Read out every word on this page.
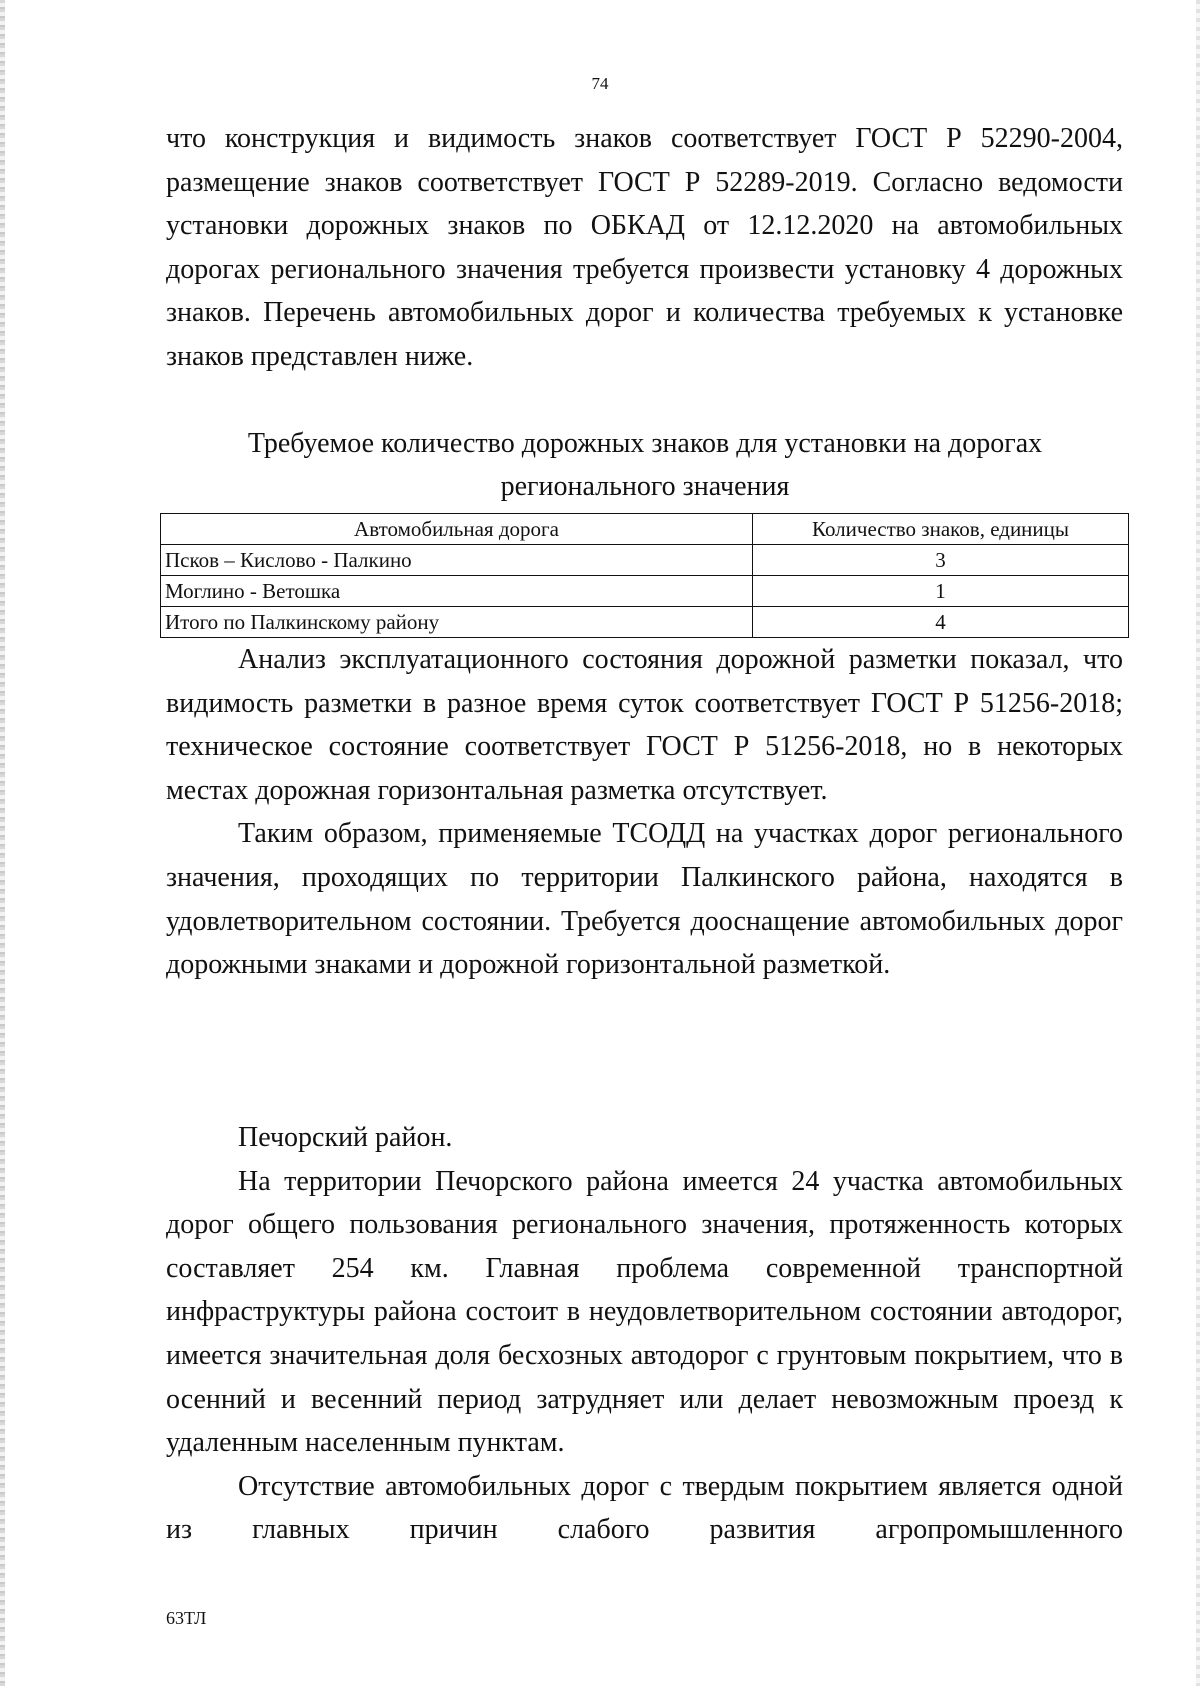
74

что конструкция и видимость знаков соответствует ГОСТ Р 52290-2004, размещение знаков соответствует ГОСТ Р 52289-2019. Согласно ведомости установки дорожных знаков по ОБКАД от 12.12.2020 на автомобильных дорогах регионального значения требуется произвести установку 4 дорожных знаков. Перечень автомобильных дорог и количества требуемых к установке знаков представлен ниже.

Требуемое количество дорожных знаков для установки на дорогах
регионального значения
Автомобильная дорога	Количество знаков, единицы
Псков – Кислово - Палкино	3
Моглино - Ветошка	1
Итого по Палкинскому району	4

Анализ эксплуатационного состояния дорожной разметки показал, что видимость разметки в разное время суток соответствует ГОСТ Р 51256-2018; техническое состояние соответствует ГОСТ Р 51256-2018, но в некоторых местах дорожная горизонтальная разметка отсутствует.

Таким образом, применяемые ТСОДД на участках дорог регионального значения, проходящих по территории Палкинского района, находятся в удовлетворительном состоянии. Требуется дооснащение автомобильных дорог дорожными знаками и дорожной горизонтальной разметкой.

Печорский район.

На территории Печорского района имеется 24 участка автомобильных дорог общего пользования регионального значения, протяженность которых составляет 254 км. Главная проблема современной транспортной инфраструктуры района состоит в неудовлетворительном состоянии автодорог, имеется значительная доля бесхозных автодорог с грунтовым покрытием, что в осенний и весенний период затрудняет или делает невозможным проезд к удаленным населенным пунктам.

Отсутствие автомобильных дорог с твердым покрытием является одной из главных причин слабого развития агропромышленного

63ТЛ
